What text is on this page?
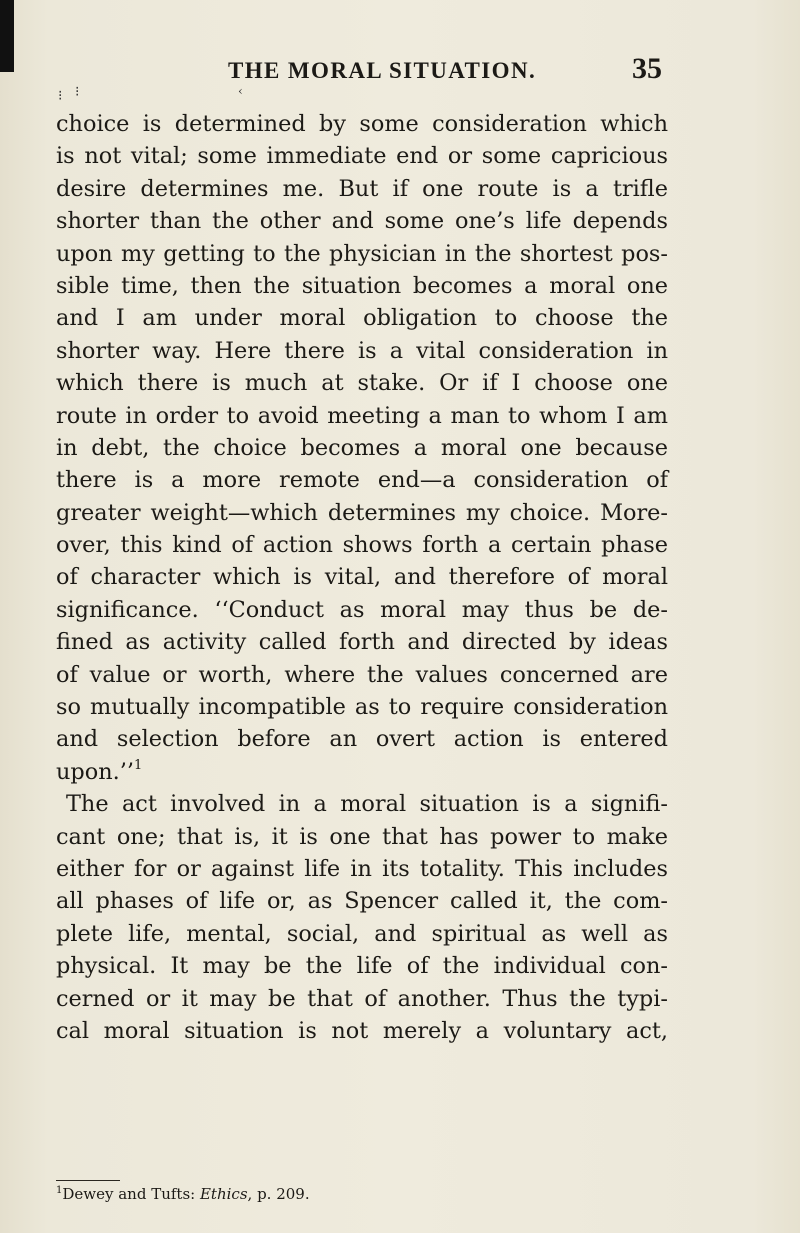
THE MORAL SITUATION.	35
⁝ ⁝	‹
choice is determined by some consideration which
is not vital; some immediate end or some capricious
desire determines me. But if one route is a trifle
shorter than the other and some one’s life depends
upon my getting to the physician in the shortest pos-
sible time, then the situation becomes a moral one
and I am under moral obligation to choose the
shorter way. Here there is a vital consideration in
which there is much at stake. Or if I choose one
route in order to avoid meeting a man to whom I am
in debt, the choice becomes a moral one because
there is a more remote end—a consideration of
greater weight—which determines my choice. More-
over, this kind of action shows forth a certain phase
of character which is vital, and therefore of moral
significance. ‘‘Conduct as moral may thus be de-
fined as activity called forth and directed by ideas
of value or worth, where the values concerned are
so mutually incompatible as to require consideration
and selection before an overt action is entered
upon.’’$^1$
The act involved in a moral situation is a signifi-
cant one; that is, it is one that has power to make
either for or against life in its totality. This includes
all phases of life or, as Spencer called it, the com-
plete life, mental, social, and spiritual as well as
physical. It may be the life of the individual con-
cerned or it may be that of another. Thus the typi-
cal moral situation is not merely a voluntary act,
$^1$Dewey and Tufts: Ethics, p. 209.
